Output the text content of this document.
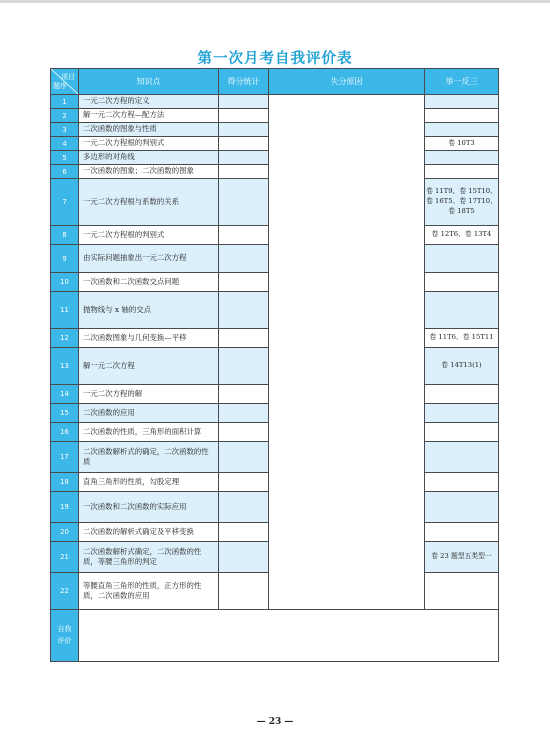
第一次月考自我评价表
项目
题序	知识点	得分统计	失分原因	举一反三
1	一元二次方程的定义			
2	解一元二次方程—配方法			
3	二次函数的图象与性质			
4	一元二次方程根的判别式			卷 10T3
5	多边形的对角线			
6	一次函数的图象；二次函数的图象			
7	一元二次方程根与系数的关系			卷 11T9、卷 15T10、卷 16T5、卷 17T10、卷 18T5
8	一元二次方程根的判别式			卷 12T6、卷 13T4
9	由实际问题抽象出一元二次方程			
10	一次函数和二次函数交点问题			
11	抛物线与 x 轴的交点			
12	二次函数图象与几何变换—平移			卷 11T6、卷 15T11
13	解一元二次方程			卷 14T13(1)
14	一元二次方程的解			
15	二次函数的应用			
16	二次函数的性质，三角形的面积计算			
17	二次函数解析式的确定，二次函数的性质			
18	直角三角形的性质，勾股定理			
19	一次函数和二次函数的实际应用			
20	二次函数的解析式确定及平移变换			
21	二次函数解析式确定，二次函数的性质，等腰三角形的判定			卷 23 题型五类型一
22	等腰直角三角形的性质，正方形的性质，二次函数的应用			

自我
评价				

— 23 —
